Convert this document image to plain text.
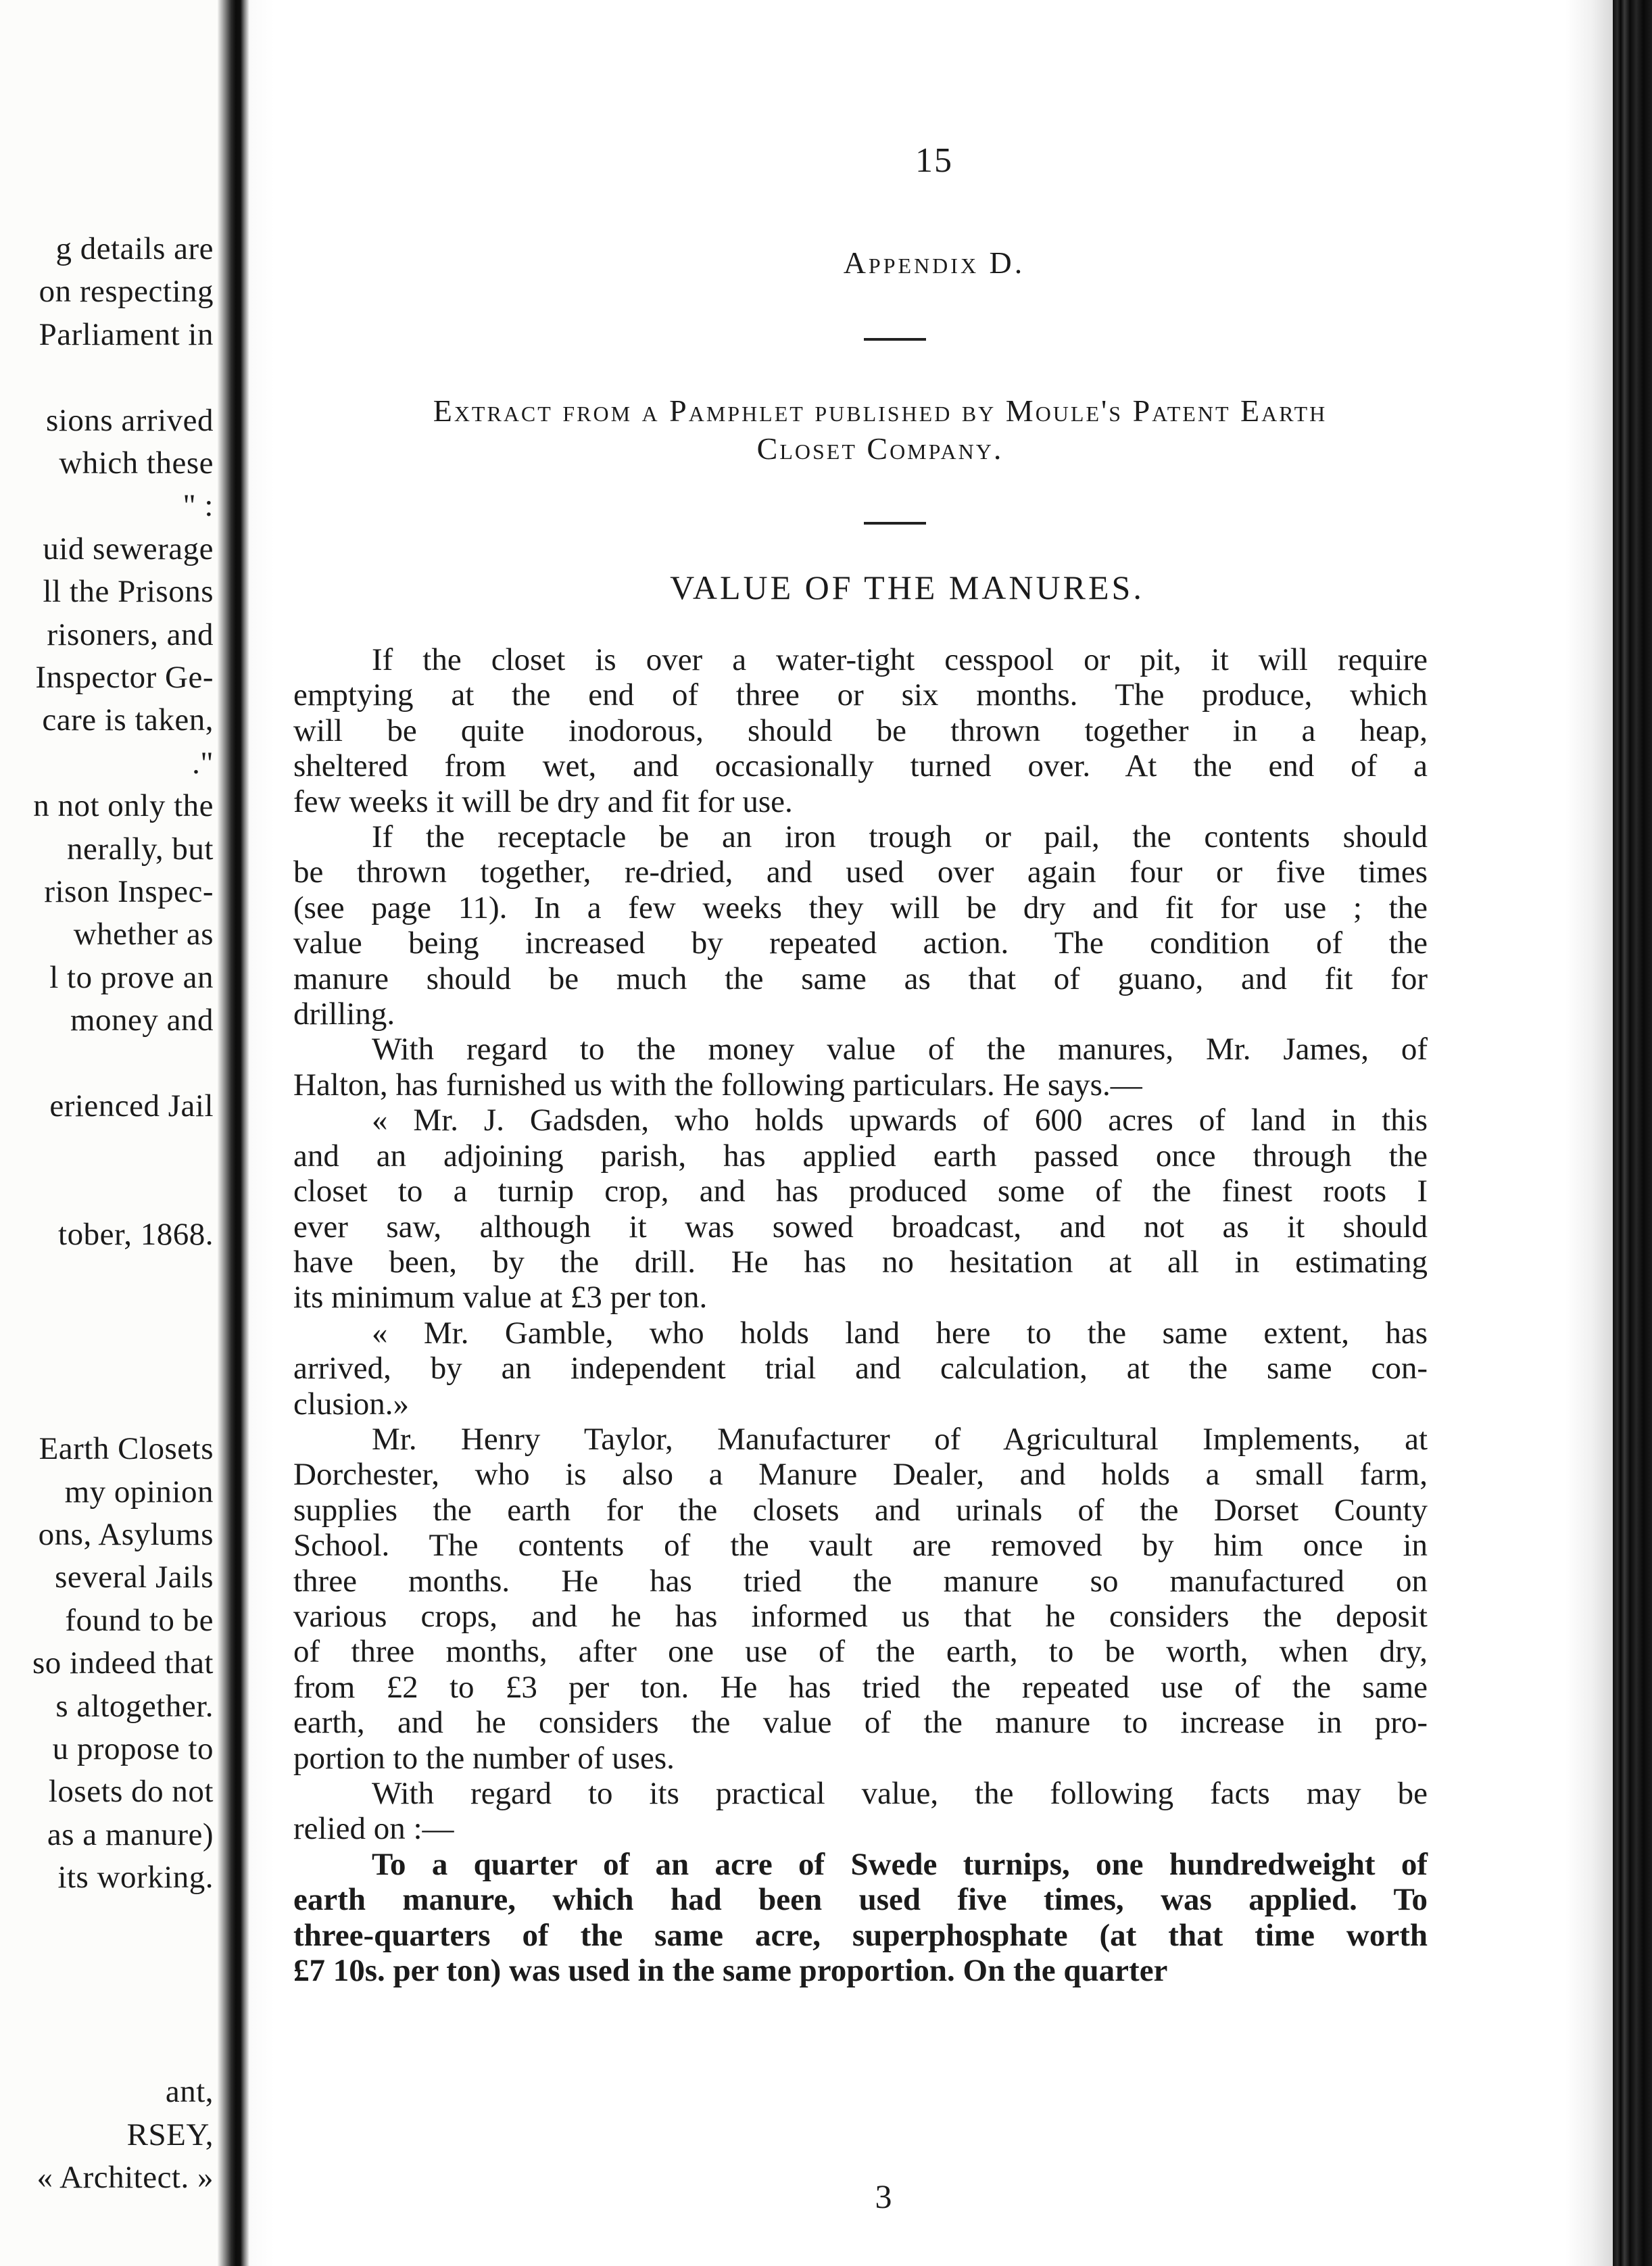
g details are
on respecting
Parliament in
sions arrived
which these
" :
uid sewerage
ll the Prisons
risoners, and
Inspector Ge-
care is taken,
."
n not only the
nerally, but
rison Inspec-
whether as
l to prove an
money and
erienced Jail
tober, 1868.
Earth Closets
my opinion
ons, Asylums
several Jails
found to be
so indeed that
s altogether.
u propose to
losets do not
as a manure)
its working.
ant,
RSEY,
« Architect. »
15
Appendix D.
Extract from a Pamphlet published by Moule's Patent Earth
Closet Company.
VALUE OF THE MANURES.

If the closet is over a water-tight cesspool or pit, it will require
emptying at the end of three or six months. The produce, which
will be quite inodorous, should be thrown together in a heap,
sheltered from wet, and occasionally turned over. At the end of a
few weeks it will be dry and fit for use.

If the receptacle be an iron trough or pail, the contents should
be thrown together, re-dried, and used over again four or five times
(see page 11). In a few weeks they will be dry and fit for use ; the
value being increased by repeated action. The condition of the
manure should be much the same as that of guano, and fit for
drilling.

With regard to the money value of the manures, Mr. James, of
Halton, has furnished us with the following particulars. He says.—

« Mr. J. Gadsden, who holds upwards of 600 acres of land in this
and an adjoining parish, has applied earth passed once through the
closet to a turnip crop, and has produced some of the finest roots I
ever saw, although it was sowed broadcast, and not as it should
have been, by the drill. He has no hesitation at all in estimating
its minimum value at £3 per ton.

« Mr. Gamble, who holds land here to the same extent, has
arrived, by an independent trial and calculation, at the same con-
clusion.»

Mr. Henry Taylor, Manufacturer of Agricultural Implements, at
Dorchester, who is also a Manure Dealer, and holds a small farm,
supplies the earth for the closets and urinals of the Dorset County
School. The contents of the vault are removed by him once in
three months. He has tried the manure so manufactured on
various crops, and he has informed us that he considers the deposit
of three months, after one use of the earth, to be worth, when dry,
from £2 to £3 per ton. He has tried the repeated use of the same
earth, and he considers the value of the manure to increase in pro-
portion to the number of uses.

With regard to its practical value, the following facts may be
relied on :—

To a quarter of an acre of Swede turnips, one hundredweight of
earth manure, which had been used five times, was applied. To
three-quarters of the same acre, superphosphate (at that time worth
£7 10s. per ton) was used in the same proportion. On the quarter

3
